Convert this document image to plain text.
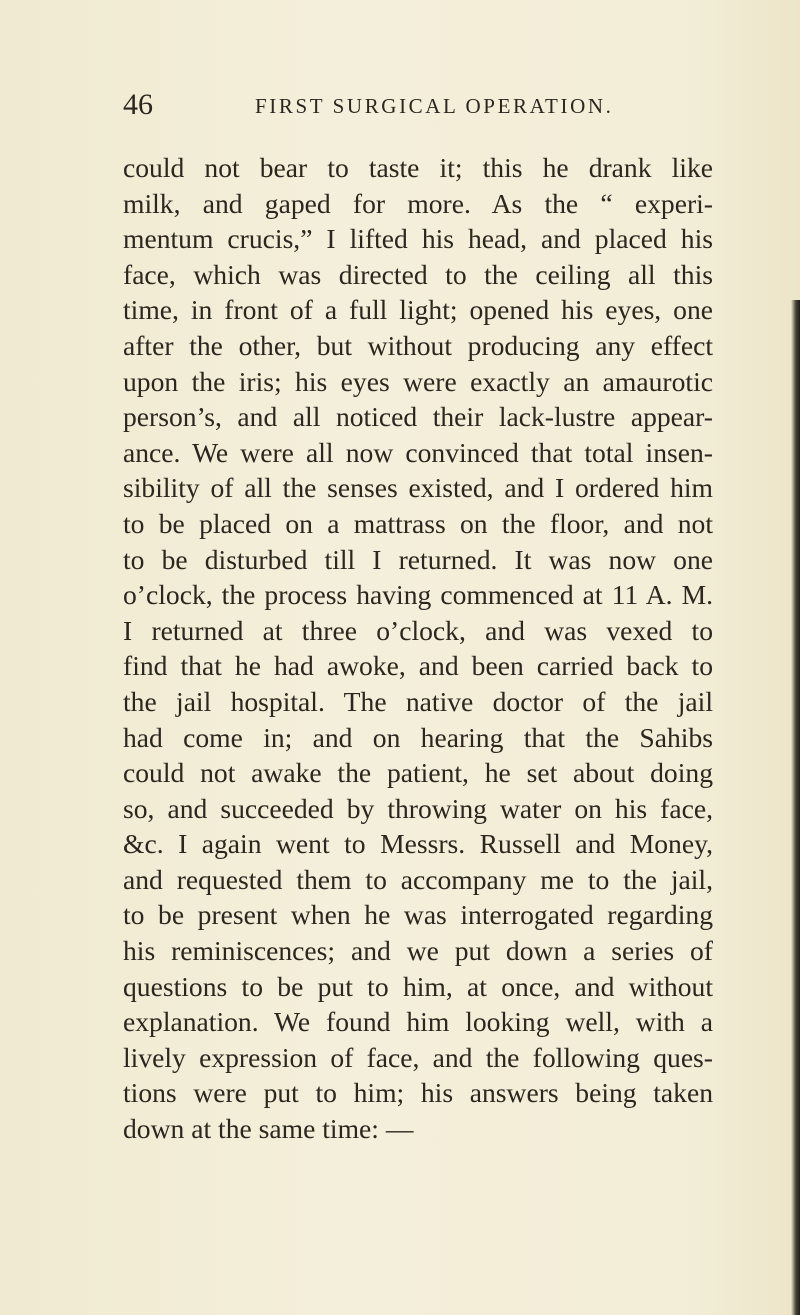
46	FIRST SURGICAL OPERATION.
could not bear to taste it; this he drank like
milk, and gaped for more. As the “ experi-
mentum crucis,” I lifted his head, and placed his
face, which was directed to the ceiling all this
time, in front of a full light; opened his eyes, one
after the other, but without producing any effect
upon the iris; his eyes were exactly an amaurotic
person’s, and all noticed their lack-lustre appear-
ance. We were all now convinced that total insen-
sibility of all the senses existed, and I ordered him
to be placed on a mattrass on the floor, and not
to be disturbed till I returned. It was now one
o’clock, the process having commenced at 11 A. M.
I returned at three o’clock, and was vexed to
find that he had awoke, and been carried back to
the jail hospital. The native doctor of the jail
had come in; and on hearing that the Sahibs
could not awake the patient, he set about doing
so, and succeeded by throwing water on his face,
&c. I again went to Messrs. Russell and Money,
and requested them to accompany me to the jail,
to be present when he was interrogated regarding
his reminiscences; and we put down a series of
questions to be put to him, at once, and without
explanation. We found him looking well, with a
lively expression of face, and the following ques-
tions were put to him; his answers being taken
down at the same time: —
